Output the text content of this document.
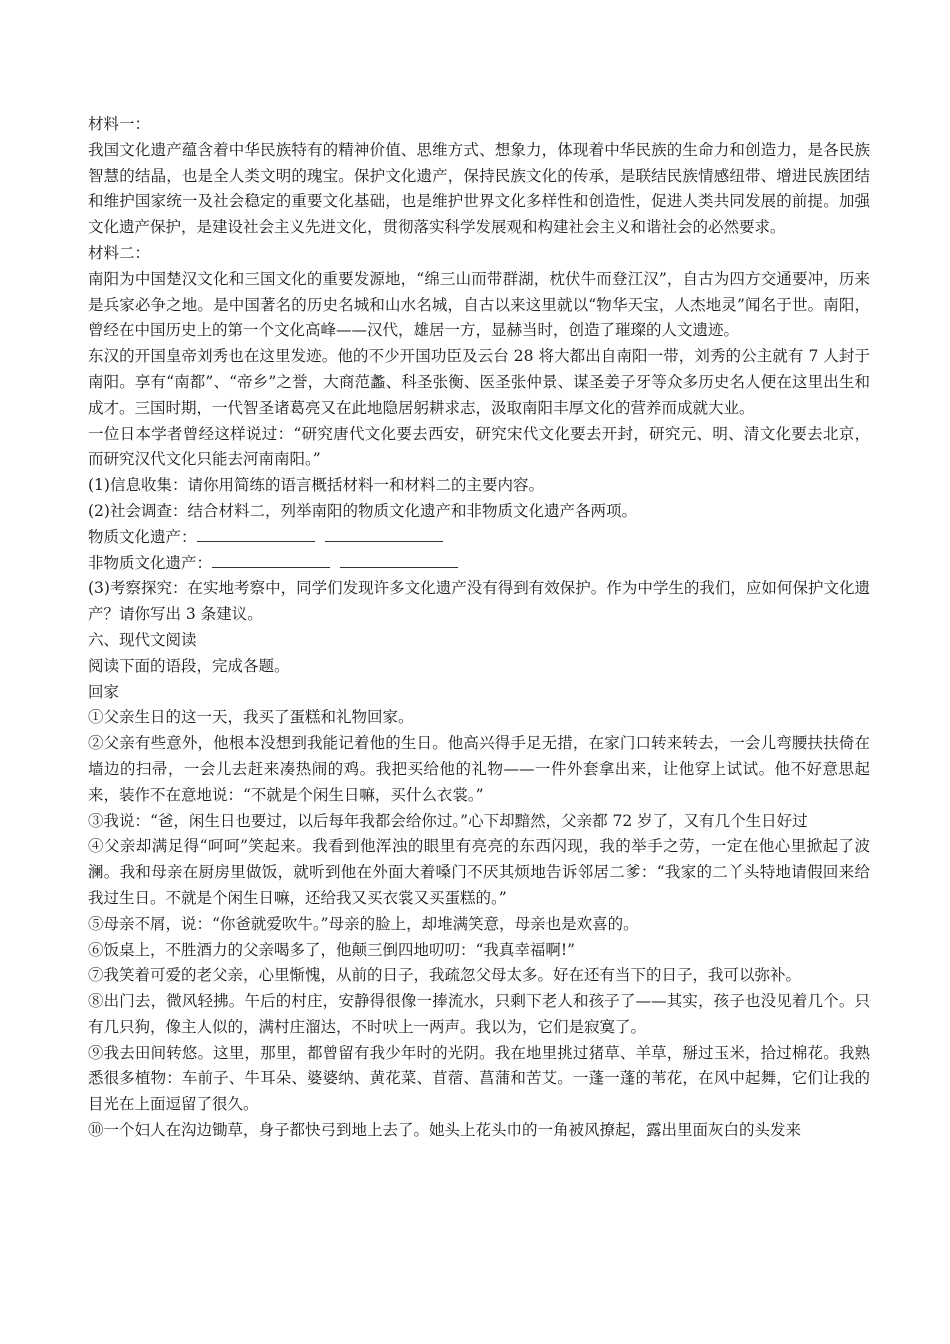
材料一：

我国文化遗产蕴含着中华民族特有的精神价值、思维方式、想象力，体现着中华民族的生命力和创造力，是各民族智慧的结晶，也是全人类文明的瑰宝。保护文化遗产，保持民族文化的传承，是联结民族情感纽带、增进民族团结和维护国家统一及社会稳定的重要文化基础，也是维护世界文化多样性和创造性，促进人类共同发展的前提。加强文化遗产保护，是建设社会主义先进文化，贯彻落实科学发展观和构建社会主义和谐社会的必然要求。

材料二：

南阳为中国楚汉文化和三国文化的重要发源地，“绵三山而带群湖，枕伏牛而登江汉”，自古为四方交通要冲，历来是兵家必争之地。是中国著名的历史名城和山水名城，自古以来这里就以“物华天宝，人杰地灵”闻名于世。南阳，曾经在中国历史上的第一个文化高峰——汉代，雄居一方，显赫当时，创造了璀璨的人文遗迹。

东汉的开国皇帝刘秀也在这里发迹。他的不少开国功臣及云台 28 将大都出自南阳一带，刘秀的公主就有 7 人封于南阳。享有“南都”、“帝乡”之誉，大商范蠡、科圣张衡、医圣张仲景、谋圣姜子牙等众多历史名人便在这里出生和成才。三国时期，一代智圣诸葛亮又在此地隐居躬耕求志，汲取南阳丰厚文化的营养而成就大业。

一位日本学者曾经这样说过：“研究唐代文化要去西安，研究宋代文化要去开封，研究元、明、清文化要去北京，而研究汉代文化只能去河南南阳。”

(1)信息收集：请你用简练的语言概括材料一和材料二的主要内容。

(2)社会调查：结合材料二，列举南阳的物质文化遗产和非物质文化遗产各两项。

物质文化遗产：
非物质文化遗产：

(3)考察探究：在实地考察中，同学们发现许多文化遗产没有得到有效保护。作为中学生的我们，应如何保护文化遗产？请你写出 3 条建议。

六、现代文阅读

阅读下面的语段，完成各题。

回家

①父亲生日的这一天，我买了蛋糕和礼物回家。

②父亲有些意外，他根本没想到我能记着他的生日。他高兴得手足无措，在家门口转来转去，一会儿弯腰扶扶倚在墙边的扫帚，一会儿去赶来凑热闹的鸡。我把买给他的礼物——一件外套拿出来，让他穿上试试。他不好意思起来，装作不在意地说：“不就是个闲生日嘛，买什么衣裳。”

③我说：“爸，闲生日也要过，以后每年我都会给你过。”心下却黯然，父亲都 72 岁了，又有几个生日好过

④父亲却满足得“呵呵”笑起来。我看到他浑浊的眼里有亮亮的东西闪现，我的举手之劳，一定在他心里掀起了波澜。我和母亲在厨房里做饭，就听到他在外面大着嗓门不厌其烦地告诉邻居二爹：“我家的二丫头特地请假回来给我过生日。不就是个闲生日嘛，还给我又买衣裳又买蛋糕的。”

⑤母亲不屑，说：“你爸就爱吹牛。”母亲的脸上，却堆满笑意，母亲也是欢喜的。

⑥饭桌上，不胜酒力的父亲喝多了，他颠三倒四地叨叨：“我真幸福啊!”

⑦我笑着可爱的老父亲，心里惭愧，从前的日子，我疏忽父母太多。好在还有当下的日子，我可以弥补。

⑧出门去，微风轻拂。午后的村庄，安静得很像一捧流水，只剩下老人和孩子了——其实，孩子也没见着几个。只有几只狗，像主人似的，满村庄溜达，不时吠上一两声。我以为，它们是寂寞了。

⑨我去田间转悠。这里，那里，都曾留有我少年时的光阴。我在地里挑过猪草、羊草，掰过玉米，拾过棉花。我熟悉很多植物：车前子、牛耳朵、婆婆纳、黄花菜、苜蓿、菖蒲和苦艾。一蓬一蓬的苇花，在风中起舞，它们让我的目光在上面逗留了很久。

⑩一个妇人在沟边锄草，身子都快弓到地上去了。她头上花头巾的一角被风撩起，露出里面灰白的头发来
